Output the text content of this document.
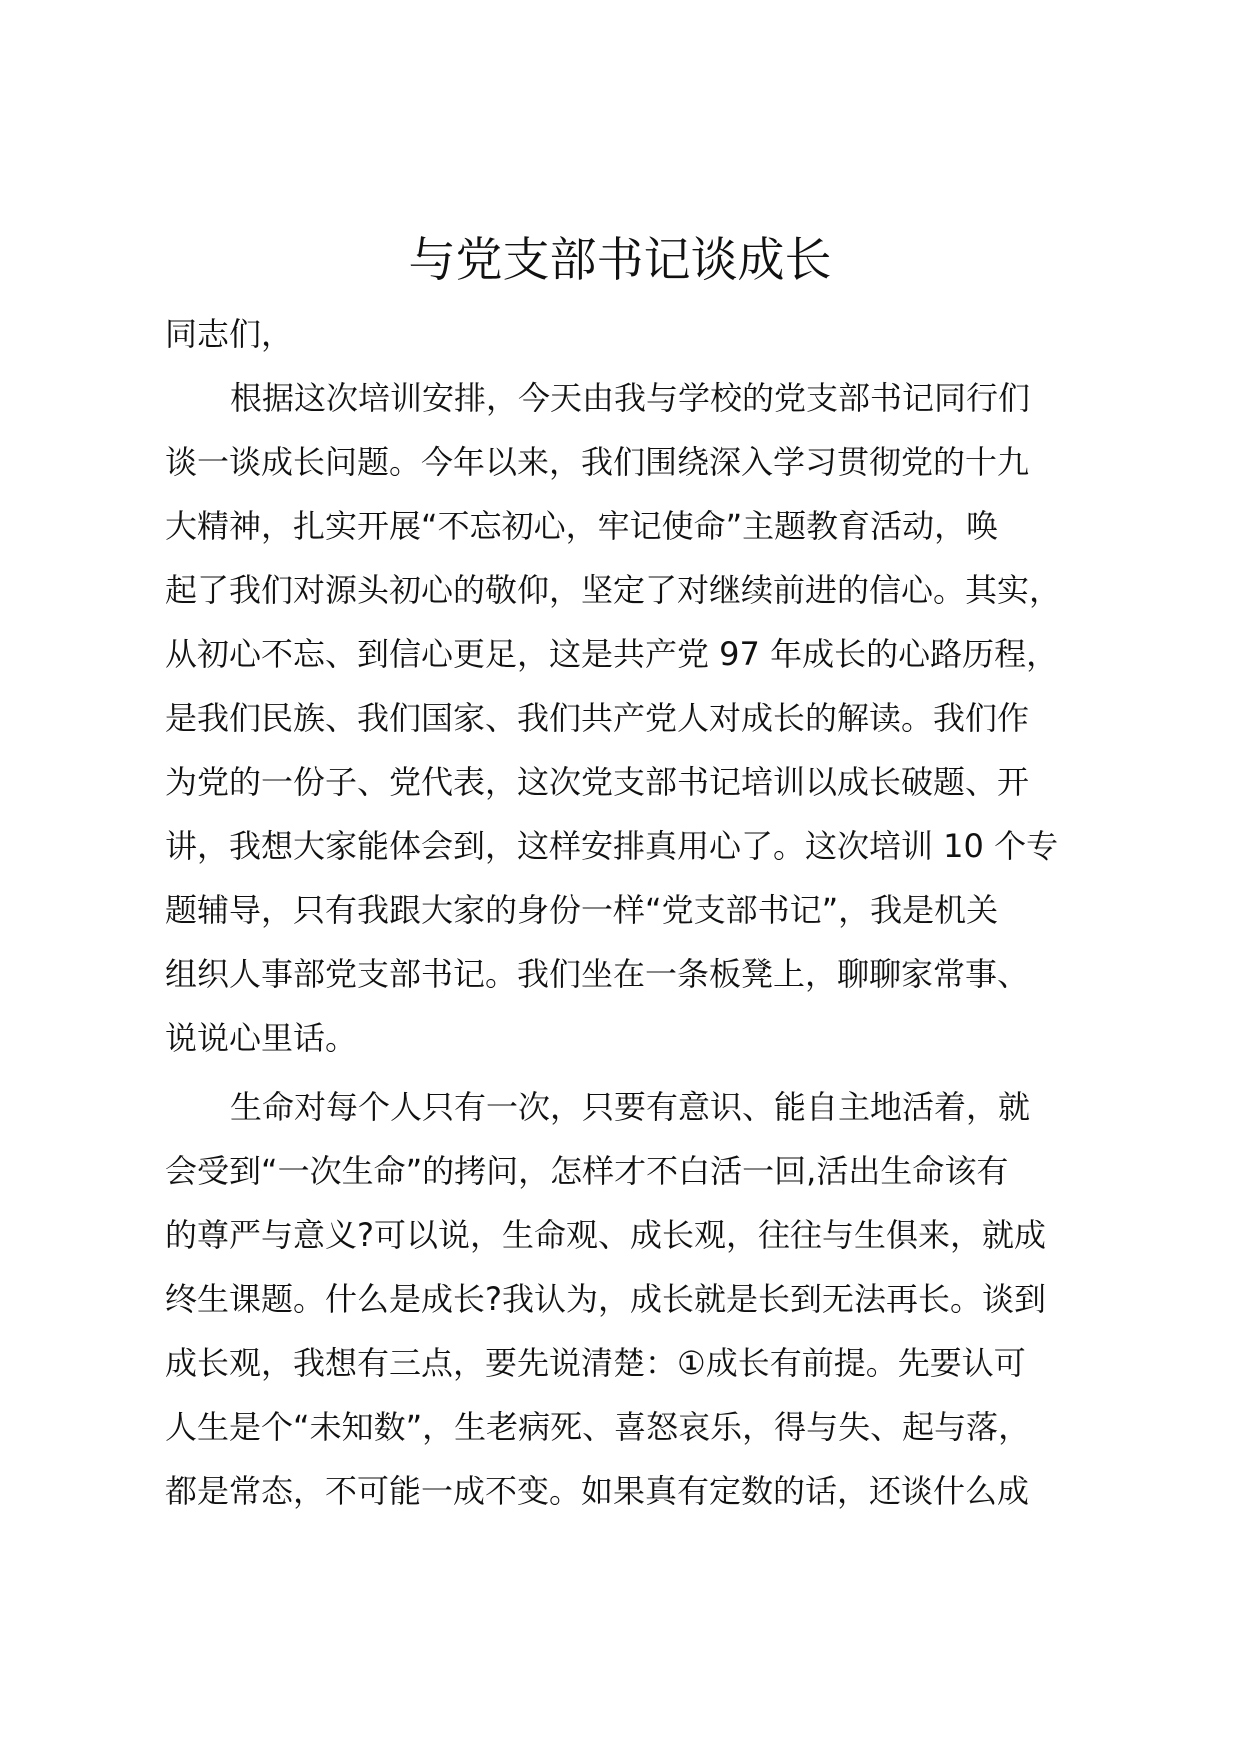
与党支部书记谈成长

同志们，

根据这次培训安排，今天由我与学校的党支部书记同行们
谈一谈成长问题。今年以来，我们围绕深入学习贯彻党的十九
大精神，扎实开展“不忘初心，牢记使命”主题教育活动，唤
起了我们对源头初心的敬仰，坚定了对继续前进的信心。其实，
从初心不忘、到信心更足，这是共产党 97 年成长的心路历程，
是我们民族、我们国家、我们共产党人对成长的解读。我们作
为党的一份子、党代表，这次党支部书记培训以成长破题、开
讲，我想大家能体会到，这样安排真用心了。这次培训 10 个专
题辅导，只有我跟大家的身份一样“党支部书记”，我是机关
组织人事部党支部书记。我们坐在一条板凳上，聊聊家常事、
说说心里话。
生命对每个人只有一次，只要有意识、能自主地活着，就
会受到“一次生命”的拷问，怎样才不白活一回,活出生命该有
的尊严与意义?可以说，生命观、成长观，往往与生俱来，就成
终生课题。什么是成长?我认为，成长就是长到无法再长。谈到
成长观，我想有三点，要先说清楚：①成长有前提。先要认可
人生是个“未知数”，生老病死、喜怒哀乐，得与失、起与落，
都是常态，不可能一成不变。如果真有定数的话，还谈什么成
